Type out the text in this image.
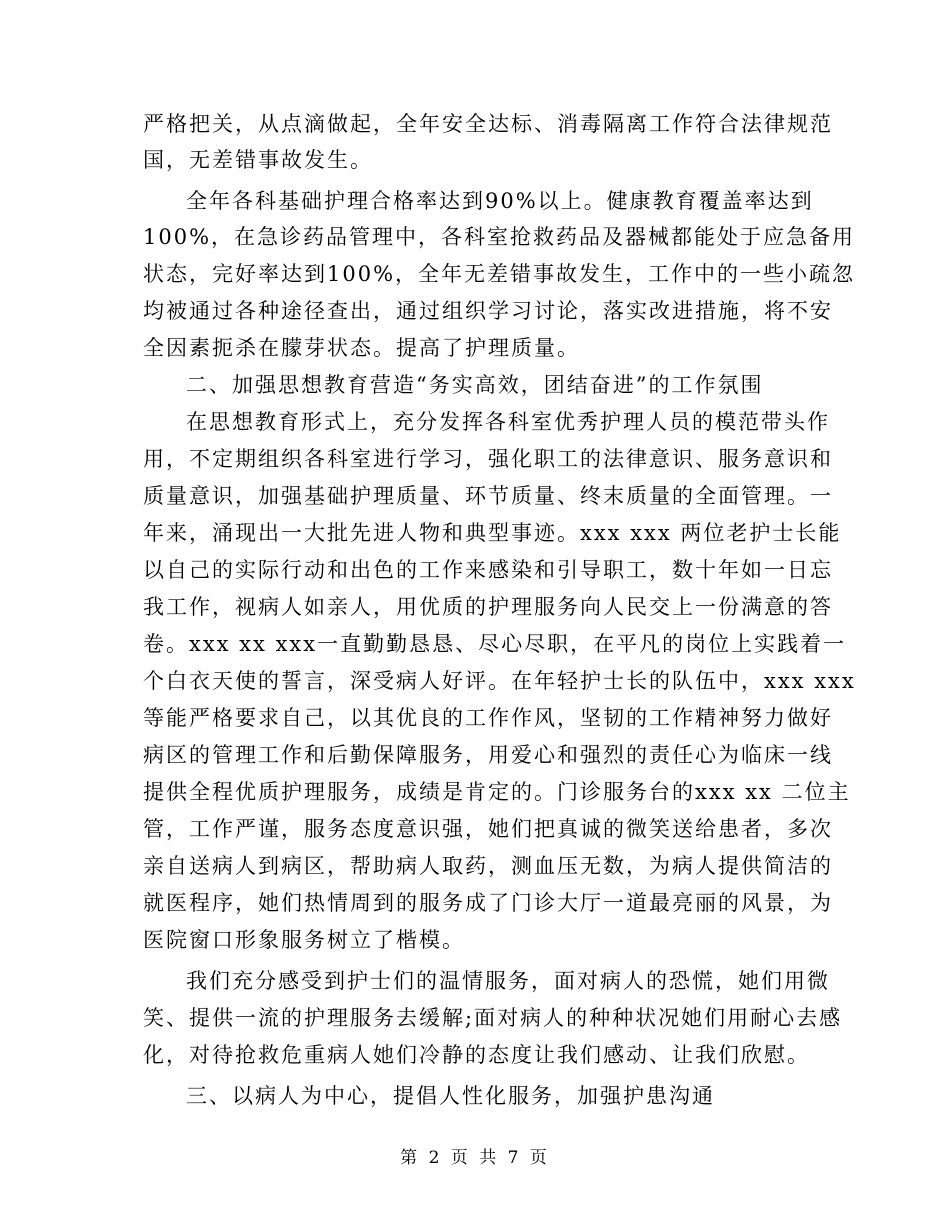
严格把关，从点滴做起，全年安全达标、消毒隔离工作符合法律规范
国，无差错事故发生。
全年各科基础护理合格率达到90%以上。健康教育覆盖率达到
100%，在急诊药品管理中，各科室抢救药品及器械都能处于应急备用
状态，完好率达到100%，全年无差错事故发生，工作中的一些小疏忽
均被通过各种途径查出，通过组织学习讨论，落实改进措施，将不安
全因素扼杀在朦芽状态。提高了护理质量。
二、加强思想教育营造“务实高效，团结奋进”的工作氛围
在思想教育形式上，充分发挥各科室优秀护理人员的模范带头作
用，不定期组织各科室进行学习，强化职工的法律意识、服务意识和
质量意识，加强基础护理质量、环节质量、终末质量的全面管理。一
年来，涌现出一大批先进人物和典型事迹。xxx xxx 两位老护士长能
以自己的实际行动和出色的工作来感染和引导职工，数十年如一日忘
我工作，视病人如亲人，用优质的护理服务向人民交上一份满意的答
卷。xxx xx xxx一直勤勤恳恳、尽心尽职，在平凡的岗位上实践着一
个白衣天使的誓言，深受病人好评。在年轻护士长的队伍中，xxx xxx
等能严格要求自己，以其优良的工作作风，坚韧的工作精神努力做好
病区的管理工作和后勤保障服务，用爱心和强烈的责任心为临床一线
提供全程优质护理服务，成绩是肯定的。门诊服务台的xxx xx 二位主
管，工作严谨，服务态度意识强，她们把真诚的微笑送给患者，多次
亲自送病人到病区，帮助病人取药，测血压无数，为病人提供简洁的
就医程序，她们热情周到的服务成了门诊大厅一道最亮丽的风景，为
医院窗口形象服务树立了楷模。
我们充分感受到护士们的温情服务，面对病人的恐慌，她们用微
笑、提供一流的护理服务去缓解;面对病人的种种状况她们用耐心去感
化，对待抢救危重病人她们冷静的态度让我们感动、让我们欣慰。
三、以病人为中心，提倡人性化服务，加强护患沟通
第 2 页 共 7 页
